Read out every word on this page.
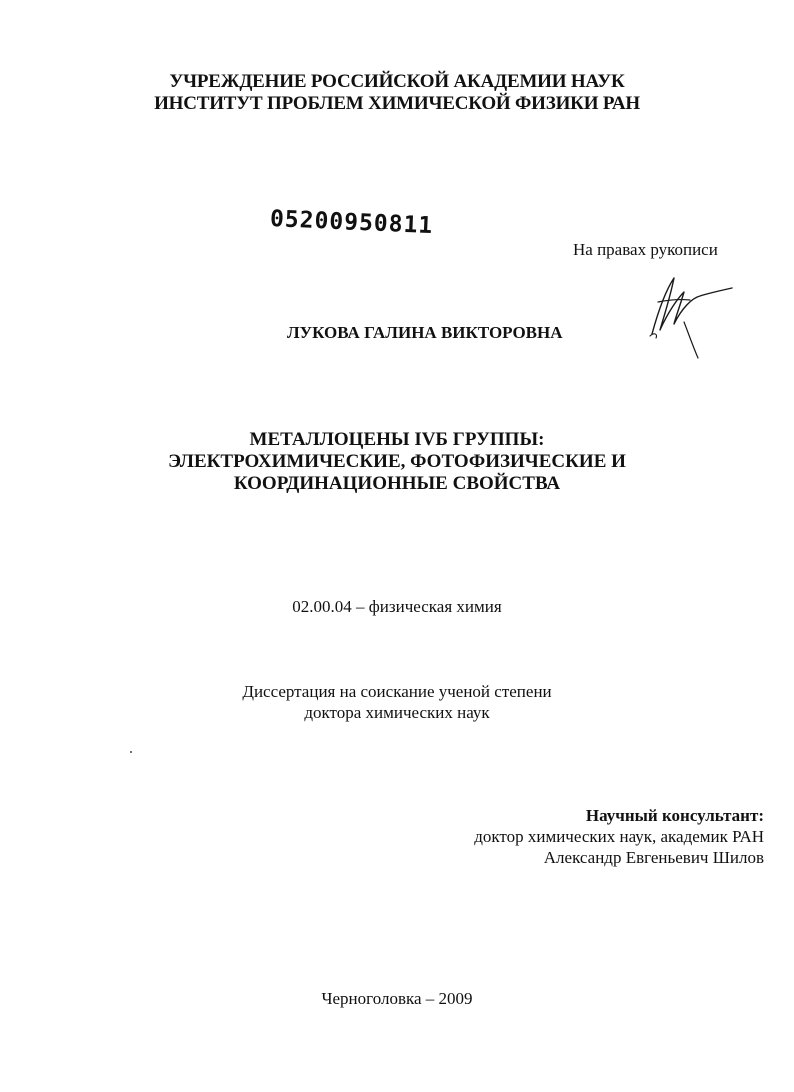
УЧРЕЖДЕНИЕ РОССИЙСКОЙ АКАДЕМИИ НАУК
ИНСТИТУТ ПРОБЛЕМ ХИМИЧЕСКОЙ ФИЗИКИ РАН
05200950811
На правах рукописи
ЛУКОВА ГАЛИНА ВИКТОРОВНА
МЕТАЛЛОЦЕНЫ IVБ ГРУППЫ:
ЭЛЕКТРОХИМИЧЕСКИЕ, ФОТОФИЗИЧЕСКИЕ И
КООРДИНАЦИОННЫЕ СВОЙСТВА
02.00.04 – физическая химия
Диссертация на соискание ученой степени
доктора химических наук
Научный консультант:
доктор химических наук, академик РАН
Александр Евгеньевич Шилов
Черноголовка – 2009
